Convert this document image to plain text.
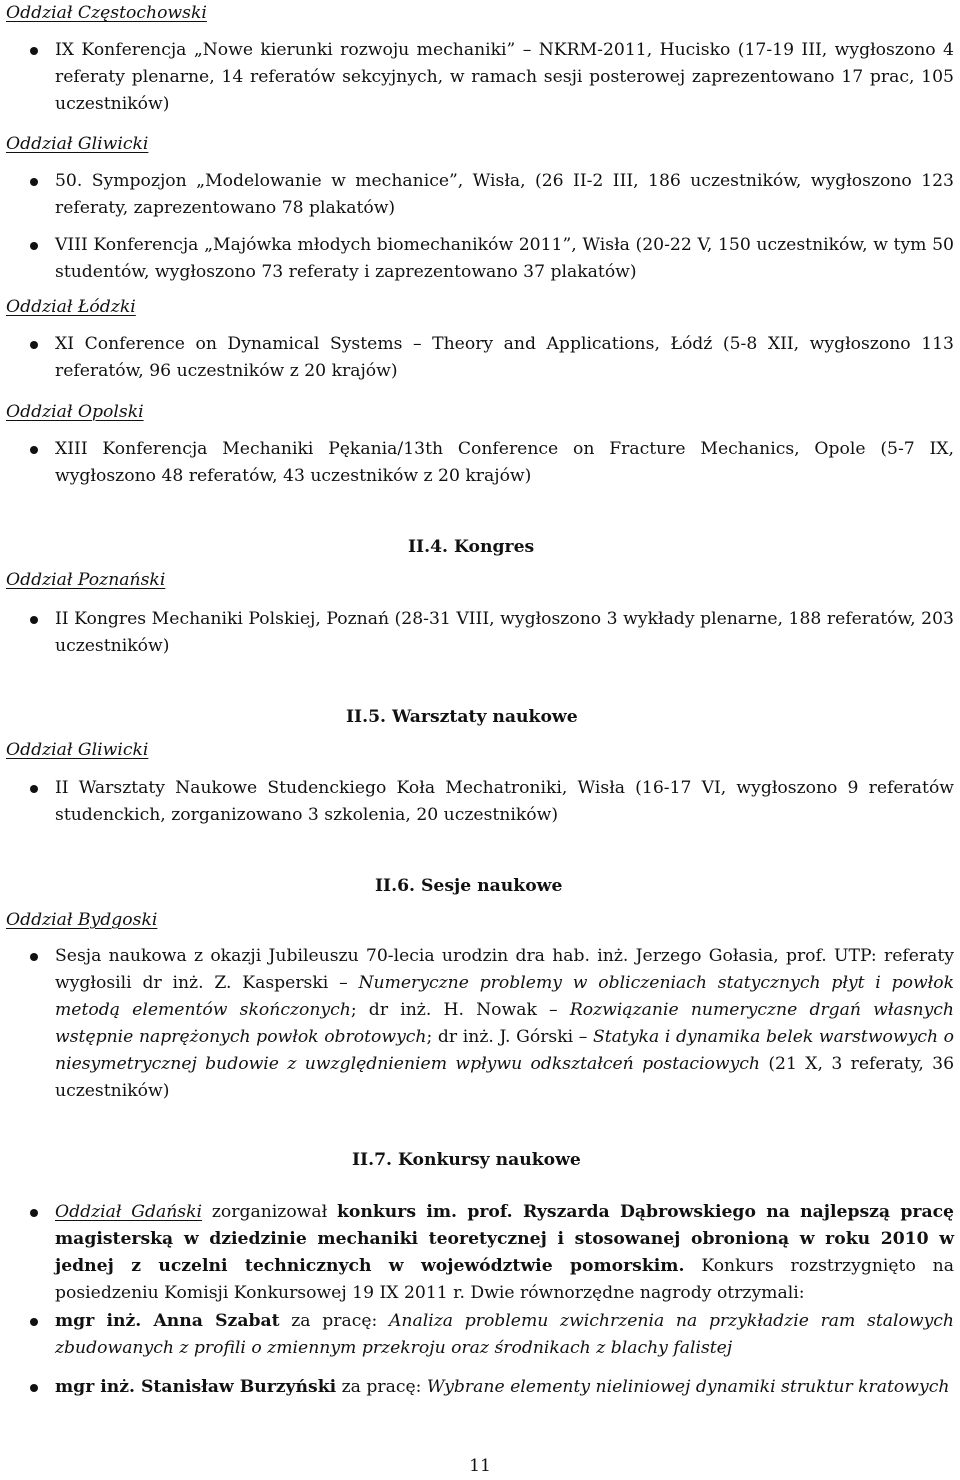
Oddział Częstochowski
IX Konferencja „Nowe kierunki rozwoju mechaniki” – NKRM-2011, Hucisko (17-19 III, wygłoszono 4 referaty plenarne, 14 referatów sekcyjnych, w ramach sesji posterowej zaprezentowano 17 prac, 105 uczestników)
Oddział Gliwicki
50. Sympozjon „Modelowanie w mechanice”, Wisła, (26 II-2 III, 186 uczestników, wygłoszono 123 referaty, zaprezentowano 78 plakatów)
VIII Konferencja „Majówka młodych biomechaników 2011”, Wisła (20-22 V, 150 uczestników, w tym 50 studentów, wygłoszono 73 referaty i zaprezentowano 37 plakatów)
Oddział Łódzki
XI Conference on Dynamical Systems – Theory and Applications, Łódź (5-8 XII, wygłoszono 113 referatów, 96 uczestników z 20 krajów)
Oddział Opolski
XIII Konferencja Mechaniki Pękania/13th Conference on Fracture Mechanics, Opole (5-7 IX, wygłoszono 48 referatów, 43 uczestników z 20 krajów)
II.4. Kongres
Oddział Poznański
II Kongres Mechaniki Polskiej, Poznań (28-31 VIII, wygłoszono 3 wykłady plenarne, 188 referatów, 203 uczestników)
II.5. Warsztaty naukowe
Oddział Gliwicki
II Warsztaty Naukowe Studenckiego Koła Mechatroniki, Wisła (16-17 VI, wygłoszono 9 referatów studenckich, zorganizowano 3 szkolenia, 20 uczestników)
II.6. Sesje naukowe
Oddział Bydgoski
Sesja naukowa z okazji Jubileuszu 70-lecia urodzin dra hab. inż. Jerzego Gołasia, prof. UTP: referaty wygłosili dr inż. Z. Kasperski – Numeryczne problemy w obliczeniach statycznych płyt i powłok metodą elementów skończonych; dr inż. H. Nowak – Rozwiązanie numeryczne drgań własnych wstępnie naprężonych powłok obrotowych; dr inż. J. Górski – Statyka i dynamika belek warstwowych o niesymetrycznej budowie z uwzględnieniem wpływu odkształceń postaciowych (21 X, 3 referaty, 36 uczestników)
II.7. Konkursy naukowe
Oddział Gdański zorganizował konkurs im. prof. Ryszarda Dąbrowskiego na najlepszą pracę magisterską w dziedzinie mechaniki teoretycznej i stosowanej obronioną w roku 2010 w jednej z uczelni technicznych w województwie pomorskim. Konkurs rozstrzygnięto na posiedzeniu Komisji Konkursowej 19 IX 2011 r. Dwie równorzędne nagrody otrzymali:
mgr inż. Anna Szabat za pracę: Analiza problemu zwichrzenia na przykładzie ram stalowych zbudowanych z profili o zmiennym przekroju oraz środnikach z blachy falistej
mgr inż. Stanisław Burzyński za pracę: Wybrane elementy nieliniowej dynamiki struktur kratowych
11
